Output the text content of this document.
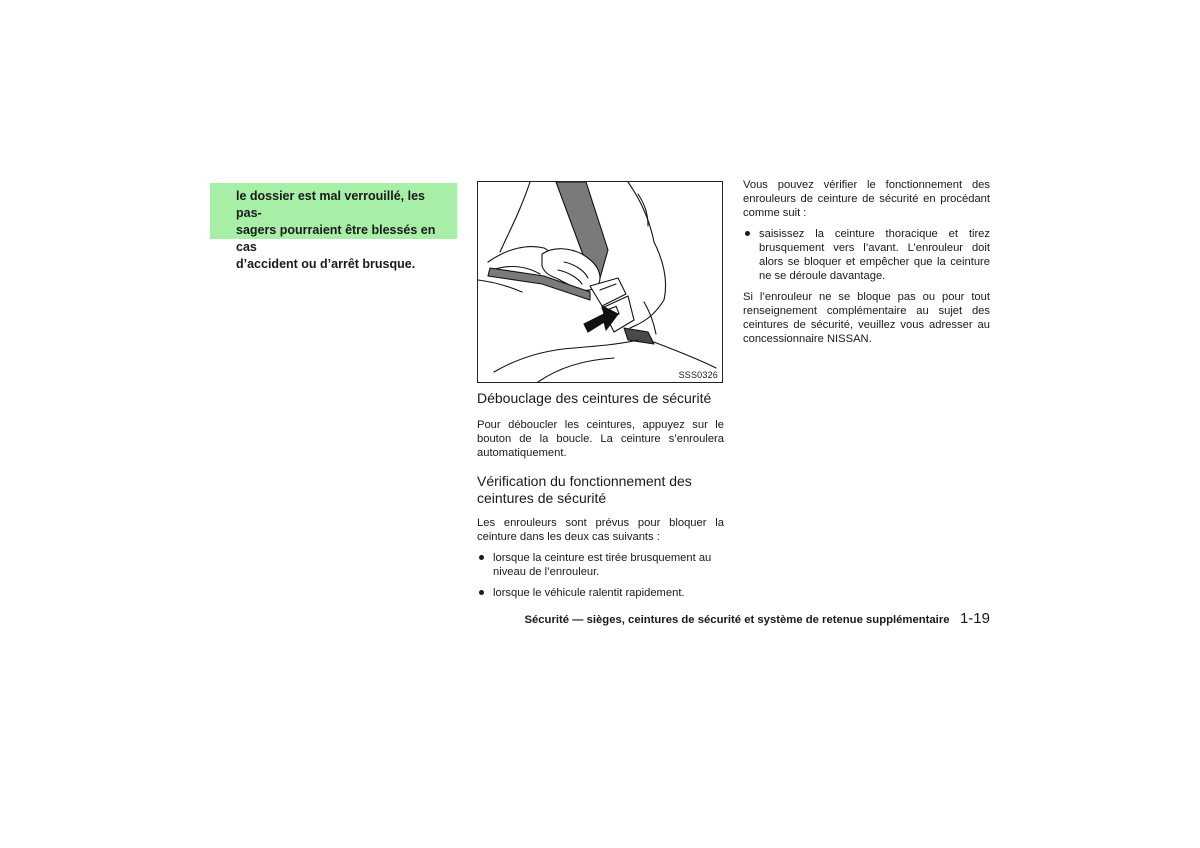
le dossier est mal verrouillé, les pas-
sagers pourraient être blessés en cas
d’accident ou d’arrêt brusque.

SSS0326
Débouclage des ceintures de sécurité

Pour déboucler les ceintures, appuyez sur le bouton de la boucle. La ceinture s’enroulera automatiquement.

Vérification du fonctionnement des
ceintures de sécurité

Les enrouleurs sont prévus pour bloquer la ceinture dans les deux cas suivants :

lorsque la ceinture est tirée brusquement au niveau de l’enrouleur.
lorsque le véhicule ralentit rapidement.

Vous pouvez vérifier le fonctionnement des enrouleurs de ceinture de sécurité en procédant comme suit :

saisissez la ceinture thoracique et tirez brusquement vers l’avant. L’enrouleur doit alors se bloquer et empêcher que la ceinture ne se déroule davantage.

Si l’enrouleur ne se bloque pas ou pour tout renseignement complémentaire au sujet des ceintures de sécurité, veuillez vous adresser au concessionnaire NISSAN.

Sécurité — sièges, ceintures de sécurité et système de retenue supplémentaire 1-19
